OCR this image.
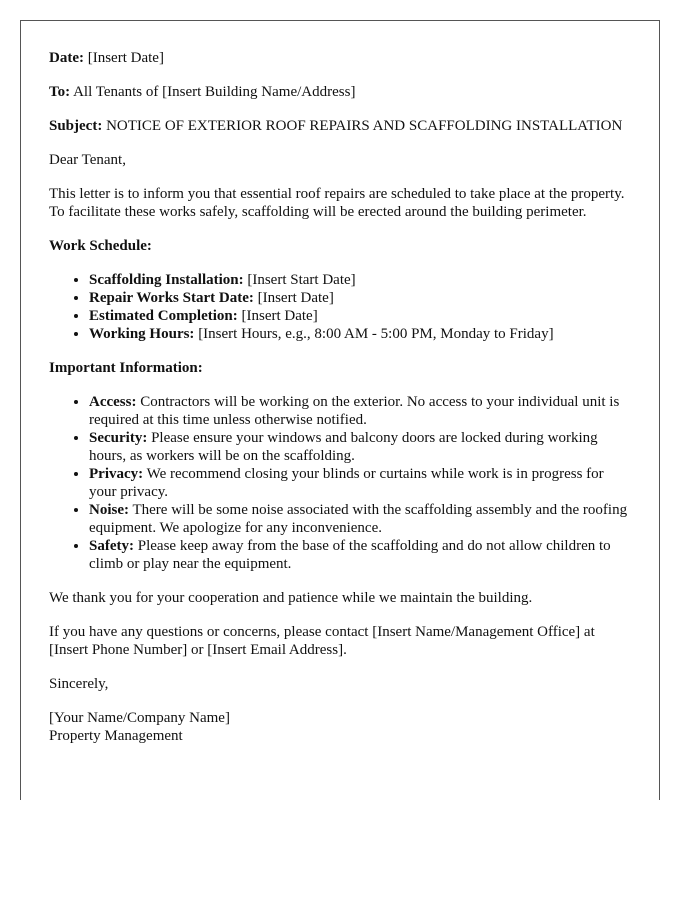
Date: [Insert Date]

To: All Tenants of [Insert Building Name/Address]

Subject: NOTICE OF EXTERIOR ROOF REPAIRS AND SCAFFOLDING INSTALLATION

Dear Tenant,

This letter is to inform you that essential roof repairs are scheduled to take place at the property. To facilitate these works safely, scaffolding will be erected around the building perimeter.

Work Schedule:
• Scaffolding Installation: [Insert Start Date]
• Repair Works Start Date: [Insert Date]
• Estimated Completion: [Insert Date]
• Working Hours: [Insert Hours, e.g., 8:00 AM - 5:00 PM, Monday to Friday]
Important Information:
• Access: Contractors will be working on the exterior. No access to your individual unit is required at this time unless otherwise notified.
• Security: Please ensure your windows and balcony doors are locked during working hours, as workers will be on the scaffolding.
• Privacy: We recommend closing your blinds or curtains while work is in progress for your privacy.
• Noise: There will be some noise associated with the scaffolding assembly and the roofing equipment. We apologize for any inconvenience.
• Safety: Please keep away from the base of the scaffolding and do not allow children to climb or play near the equipment.

We thank you for your cooperation and patience while we maintain the building.

If you have any questions or concerns, please contact [Insert Name/Management Office] at [Insert Phone Number] or [Insert Email Address].

Sincerely,

[Your Name/Company Name]
Property Management
